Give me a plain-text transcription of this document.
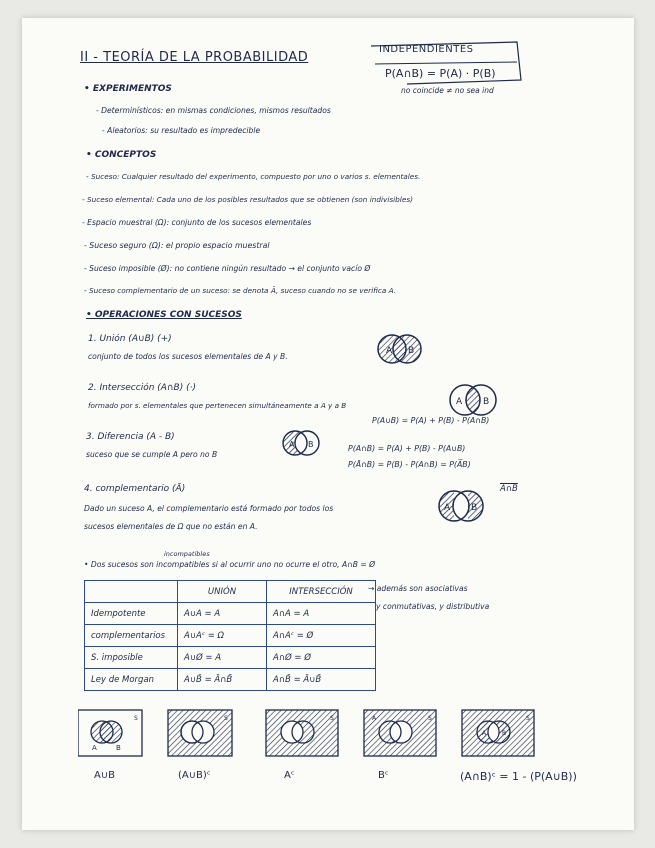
II - TEORÍA DE LA PROBABILIDAD
INDEPENDIENTES
P(A∩B) = P(A) · P(B)
no coincide ≠ no sea ind
• EXPERIMENTOS
- Determinísticos: en mismas condiciones, mismos resultados
- Aleatorios: su resultado es impredecible
• CONCEPTOS
- Suceso: Cualquier resultado del experimento, compuesto por uno o varios s. elementales.
- Suceso elemental: Cada uno de los posibles resultados que se obtienen (son indivisibles)
- Espacio muestral (Ω): conjunto de los sucesos elementales
- Suceso seguro (Ω): el propio espacio muestral
- Suceso imposible (Ø): no contiene ningún resultado → el conjunto vacío Ø
- Suceso complementario de un suceso: se denota Ā, suceso cuando no se verifica A.
• OPERACIONES CON SUCESOS
1. Unión (A∪B) (+)
conjunto de todos los sucesos elementales de A y B.
A B
2. Intersección (A∩B) (·)
formado por s. elementales que pertenecen simultáneamente a A y a B	A B
P(A∪B) = P(A) + P(B) - P(A∩B)
3. Diferencia (A - B)
suceso que se cumple A pero no B
A B	P(A∩B) = P(A) + P(B) - P(A∪B)
P(Ā∩B) = P(B) - P(A∩B) = P(A̅B)
4. complementario (Ā)
Dado un suceso A, el complementario está formado por todos los
sucesos elementales de Ω que no están en A.
A B
A∩B
incompatibles
• Dos sucesos son incompatibles si al ocurrir uno no ocurre el otro, A∩B = Ø
	UNIÓN	INTERSECCIÓN
Idempotente	A∪A = A	A∩A = A
complementarios	A∪Aᶜ = Ω	A∩Aᶜ = Ø
S. imposible	A∪Ø = A	A∩Ø = Ø
Ley de Morgan	A∪B̄ = Ā∩B̄	A∩B̄ = Ā∪B̄
→ además son asociativas
y conmutativas, y distributiva
A	B
S	S	S	A	S
A	B
S
A∪B	(A∪B)ᶜ	Aᶜ	Bᶜ	(A∩B)ᶜ = 1 - (P(A∪B))
